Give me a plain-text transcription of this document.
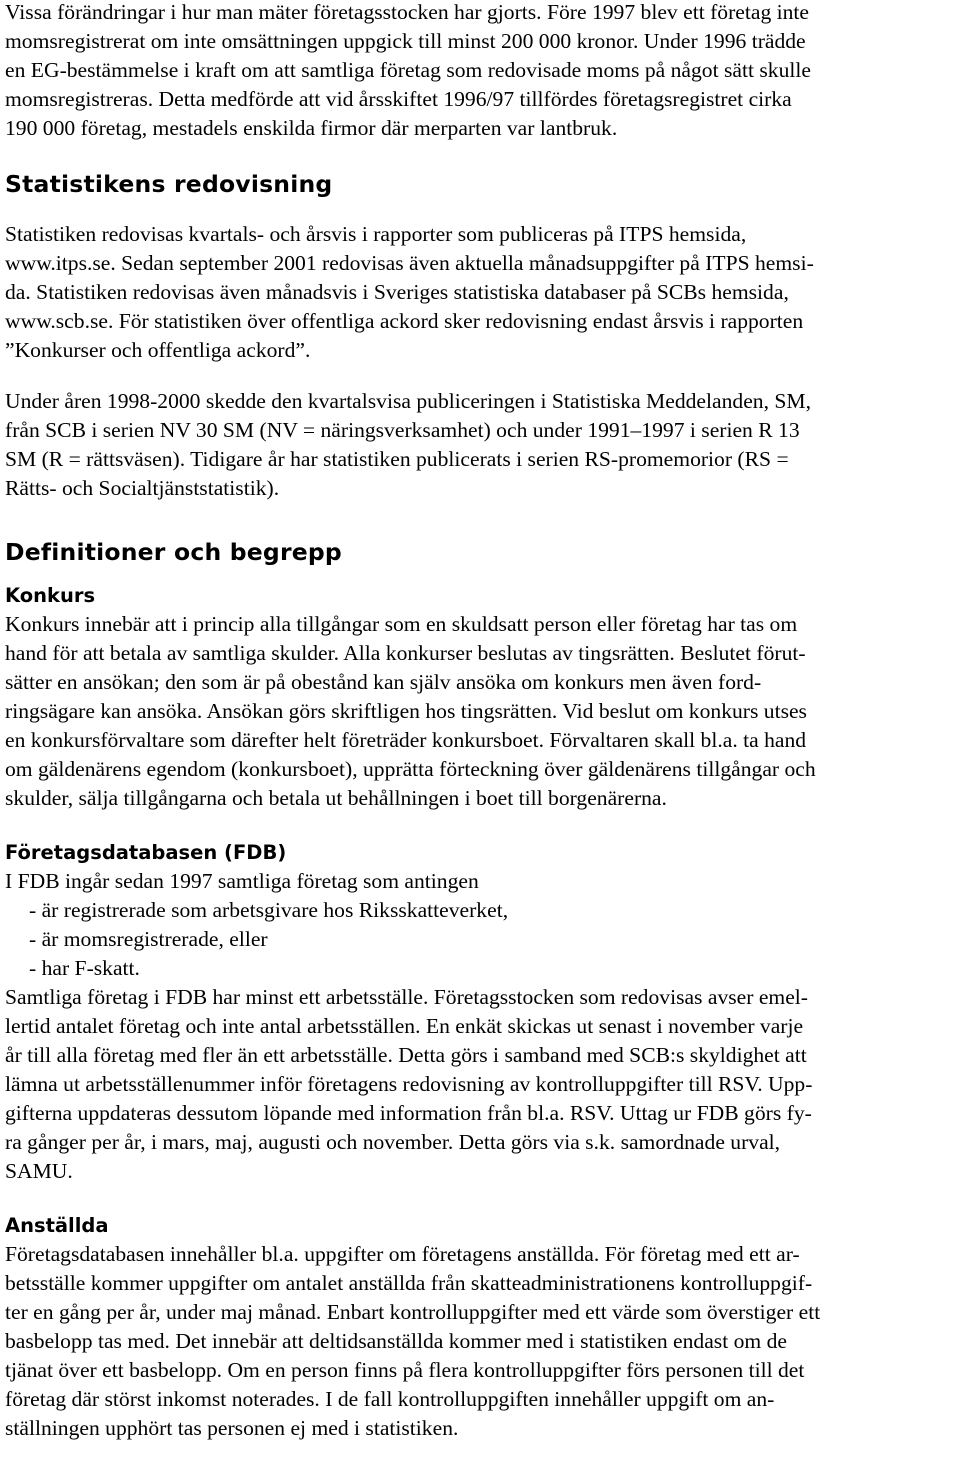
Vissa förändringar i hur man mäter företagsstocken har gjorts. Före 1997 blev ett företag inte
momsregistrerat om inte omsättningen uppgick till minst 200 000 kronor. Under 1996 trädde
en EG-bestämmelse i kraft om att samtliga företag som redovisade moms på något sätt skulle
momsregistreras. Detta medförde att vid årsskiftet 1996/97 tillfördes företagsregistret cirka
190 000 företag, mestadels enskilda firmor där merparten var lantbruk.

Statistikens redovisning

Statistiken redovisas kvartals- och årsvis i rapporter som publiceras på ITPS hemsida,
www.itps.se. Sedan september 2001 redovisas även aktuella månadsuppgifter på ITPS hemsi-
da. Statistiken redovisas även månadsvis i Sveriges statistiska databaser på SCBs hemsida,
www.scb.se. För statistiken över offentliga ackord sker redovisning endast årsvis i rapporten
”Konkurser och offentliga ackord”.

Under åren 1998-2000 skedde den kvartalsvisa publiceringen i Statistiska Meddelanden, SM,
från SCB i serien NV 30 SM (NV = näringsverksamhet) och under 1991–1997 i serien R 13
SM (R = rättsväsen). Tidigare år har statistiken publicerats i serien RS-promemorior (RS =
Rätts- och Socialtjänststatistik).

Definitioner och begrepp
Konkurs

Konkurs innebär att i princip alla tillgångar som en skuldsatt person eller företag har tas om
hand för att betala av samtliga skulder. Alla konkurser beslutas av tingsrätten. Beslutet förut-
sätter en ansökan; den som är på obestånd kan själv ansöka om konkurs men även ford-
ringsägare kan ansöka. Ansökan görs skriftligen hos tingsrätten. Vid beslut om konkurs utses
en konkursförvaltare som därefter helt företräder konkursboet. Förvaltaren skall bl.a. ta hand
om gäldenärens egendom (konkursboet), upprätta förteckning över gäldenärens tillgångar och
skulder, sälja tillgångarna och betala ut behållningen i boet till borgenärerna.

Företagsdatabasen (FDB)

I FDB ingår sedan 1997 samtliga företag som antingen
- är registrerade som arbetsgivare hos Riksskatteverket,
- är momsregistrerade, eller
- har F-skatt.
Samtliga företag i FDB har minst ett arbetsställe. Företagsstocken som redovisas avser emel-
lertid antalet företag och inte antal arbetsställen. En enkät skickas ut senast i november varje
år till alla företag med fler än ett arbetsställe. Detta görs i samband med SCB:s skyldighet att
lämna ut arbetsställenummer inför företagens redovisning av kontrolluppgifter till RSV. Upp-
gifterna uppdateras dessutom löpande med information från bl.a. RSV. Uttag ur FDB görs fy-
ra gånger per år, i mars, maj, augusti och november. Detta görs via s.k. samordnade urval,
SAMU.

Anställda

Företagsdatabasen innehåller bl.a. uppgifter om företagens anställda. För företag med ett ar-
betsställe kommer uppgifter om antalet anställda från skatteadministrationens kontrolluppgif-
ter en gång per år, under maj månad. Enbart kontrolluppgifter med ett värde som överstiger ett
basbelopp tas med. Det innebär att deltidsanställda kommer med i statistiken endast om de
tjänat över ett basbelopp. Om en person finns på flera kontrolluppgifter förs personen till det
företag där störst inkomst noterades. I de fall kontrolluppgiften innehåller uppgift om an-
ställningen upphört tas personen ej med i statistiken.
